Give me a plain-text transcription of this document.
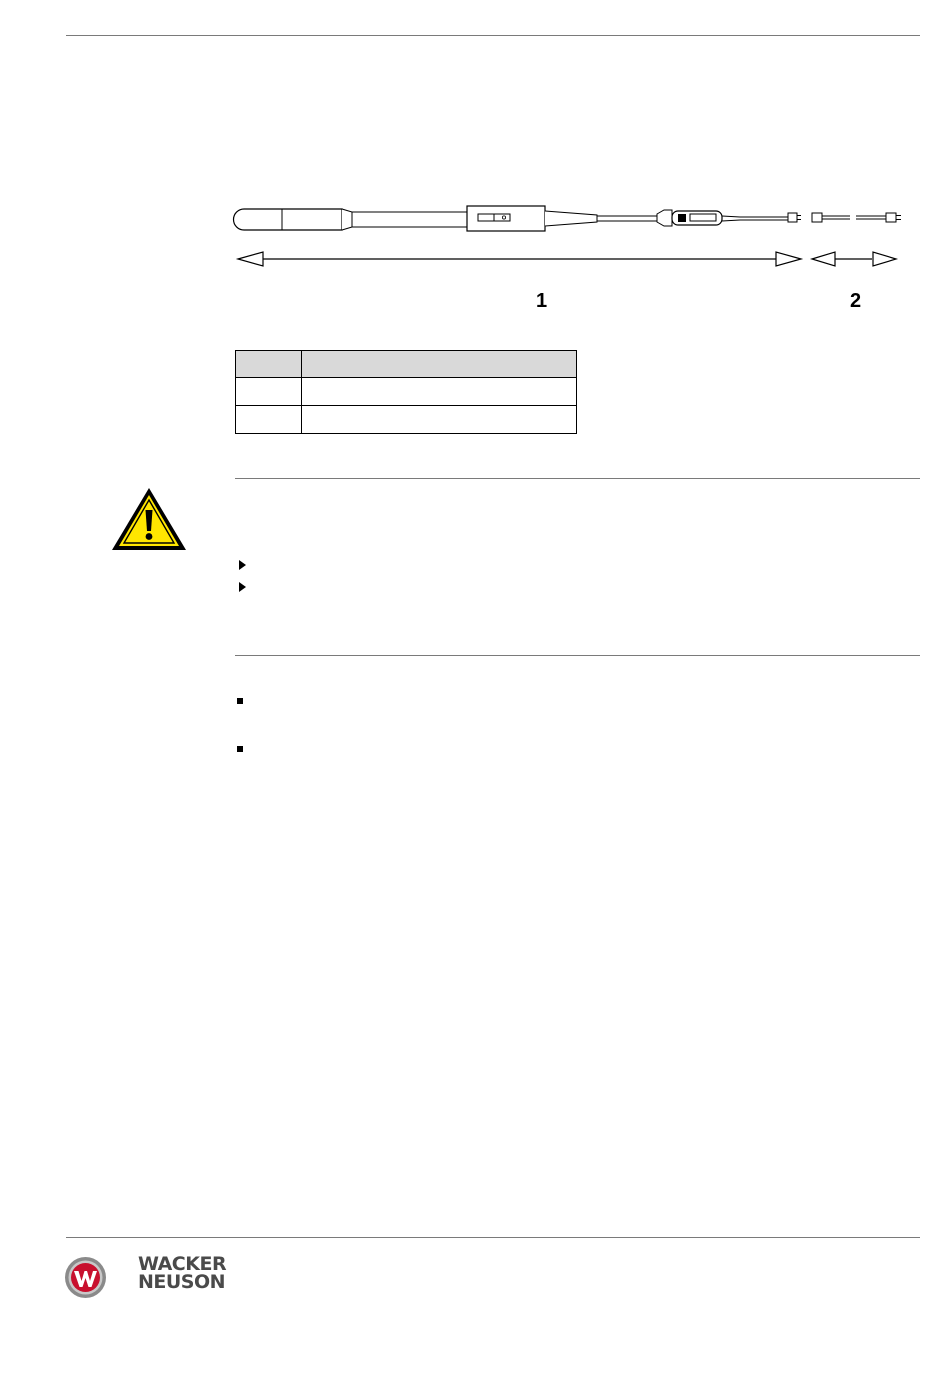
1	2

WACKER
NEUSON
